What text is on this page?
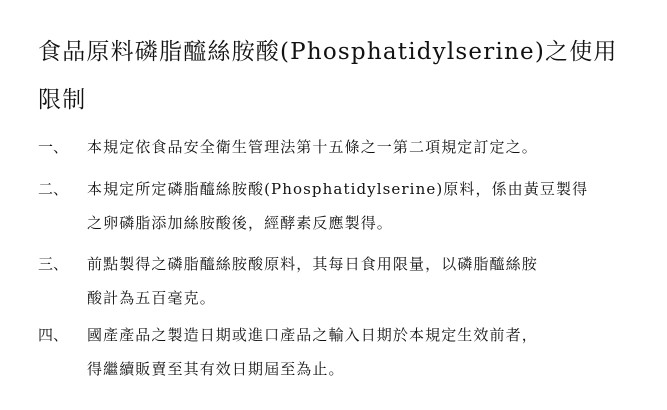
食品原料磷脂醯絲胺酸(Phosphatidylserine)之使用
限制
一、 本規定依食品安全衛生管理法第十五條之一第二項規定訂定之。
二、 本規定所定磷脂醯絲胺酸(Phosphatidylserine)原料，係由黃豆製得
之卵磷脂添加絲胺酸後，經酵素反應製得。
三、 前點製得之磷脂醯絲胺酸原料，其每日食用限量，以磷脂醯絲胺
酸計為五百毫克。
四、 國產產品之製造日期或進口產品之輸入日期於本規定生效前者，
得繼續販賣至其有效日期屆至為止。
